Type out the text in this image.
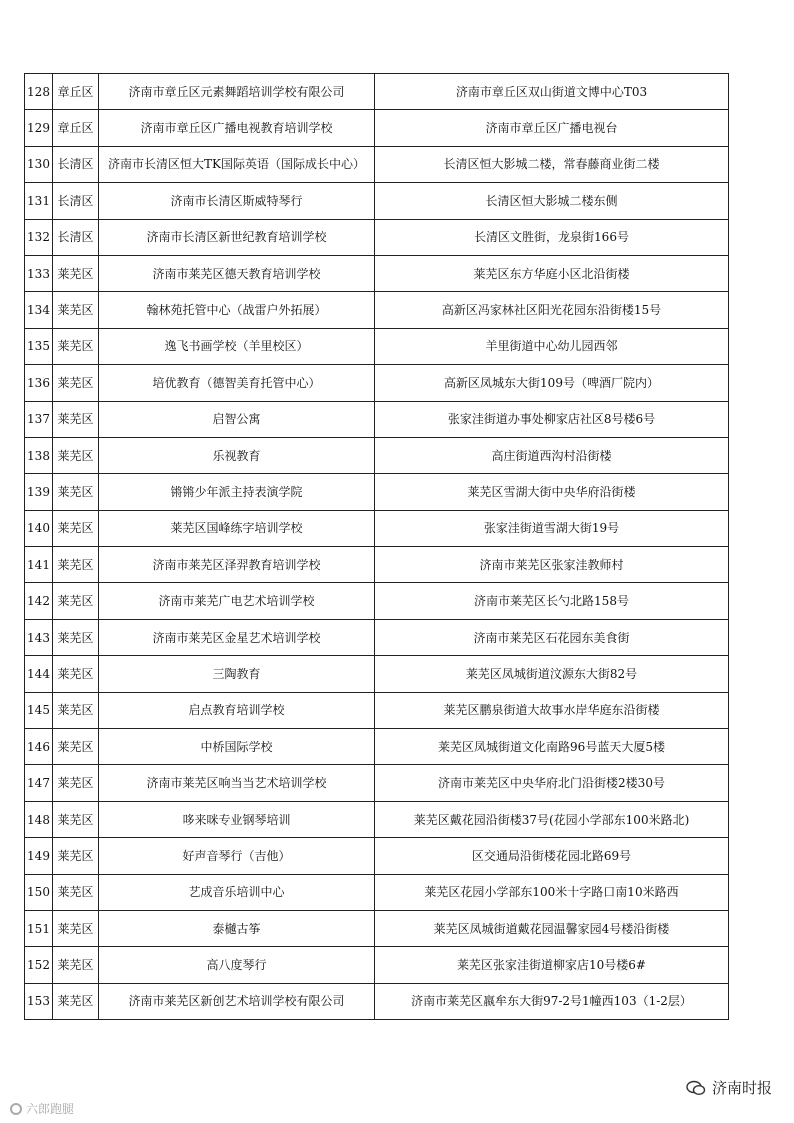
128	章丘区	济南市章丘区元素舞蹈培训学校有限公司	济南市章丘区双山街道文博中心T03
129	章丘区	济南市章丘区广播电视教育培训学校	济南市章丘区广播电视台
130	长清区	济南市长清区恒大TK国际英语（国际成长中心）	长清区恒大影城二楼，常春藤商业街二楼
131	长清区	济南市长清区斯威特琴行	长清区恒大影城二楼东侧
132	长清区	济南市长清区新世纪教育培训学校	长清区文胜街，龙泉街166号
133	莱芜区	济南市莱芜区德天教育培训学校	莱芜区东方华庭小区北沿街楼
134	莱芜区	翰林苑托管中心（战雷户外拓展）	高新区冯家林社区阳光花园东沿街楼15号
135	莱芜区	逸飞书画学校（羊里校区）	羊里街道中心幼儿园西邻
136	莱芜区	培优教育（德智美育托管中心）	高新区凤城东大街109号（啤酒厂院内）
137	莱芜区	启智公寓	张家洼街道办事处柳家店社区8号楼6号
138	莱芜区	乐视教育	高庄街道西沟村沿街楼
139	莱芜区	锵锵少年派主持表演学院	莱芜区雪湖大街中央华府沿街楼
140	莱芜区	莱芜区国峰练字培训学校	张家洼街道雪湖大街19号
141	莱芜区	济南市莱芜区泽羿教育培训学校	济南市莱芜区张家洼教师村
142	莱芜区	济南市莱芜广电艺术培训学校	济南市莱芜区长勺北路158号
143	莱芜区	济南市莱芜区金星艺术培训学校	济南市莱芜区石花园东美食街
144	莱芜区	三陶教育	莱芜区凤城街道汶源东大街82号
145	莱芜区	启点教育培训学校	莱芜区鹏泉街道大故事水岸华庭东沿街楼
146	莱芜区	中桥国际学校	莱芜区凤城街道文化南路96号蓝天大厦5楼
147	莱芜区	济南市莱芜区响当当艺术培训学校	济南市莱芜区中央华府北门沿街楼2楼30号
148	莱芜区	哆来咪专业钢琴培训	莱芜区戴花园沿街楼37号(花园小学部东100米路北)
149	莱芜区	好声音琴行（吉他）	区交通局沿街楼花园北路69号
150	莱芜区	艺成音乐培训中心	莱芜区花园小学部东100米十字路口南10米路西
151	莱芜区	泰樾古筝	莱芜区凤城街道戴花园温馨家园4号楼沿街楼
152	莱芜区	高八度琴行	莱芜区张家洼街道柳家店10号楼6#
153	莱芜区	济南市莱芜区新创艺术培训学校有限公司	济南市莱芜区嬴牟东大街97-2号1幢西103（1-2层）
六郎跑腿
济南时报
